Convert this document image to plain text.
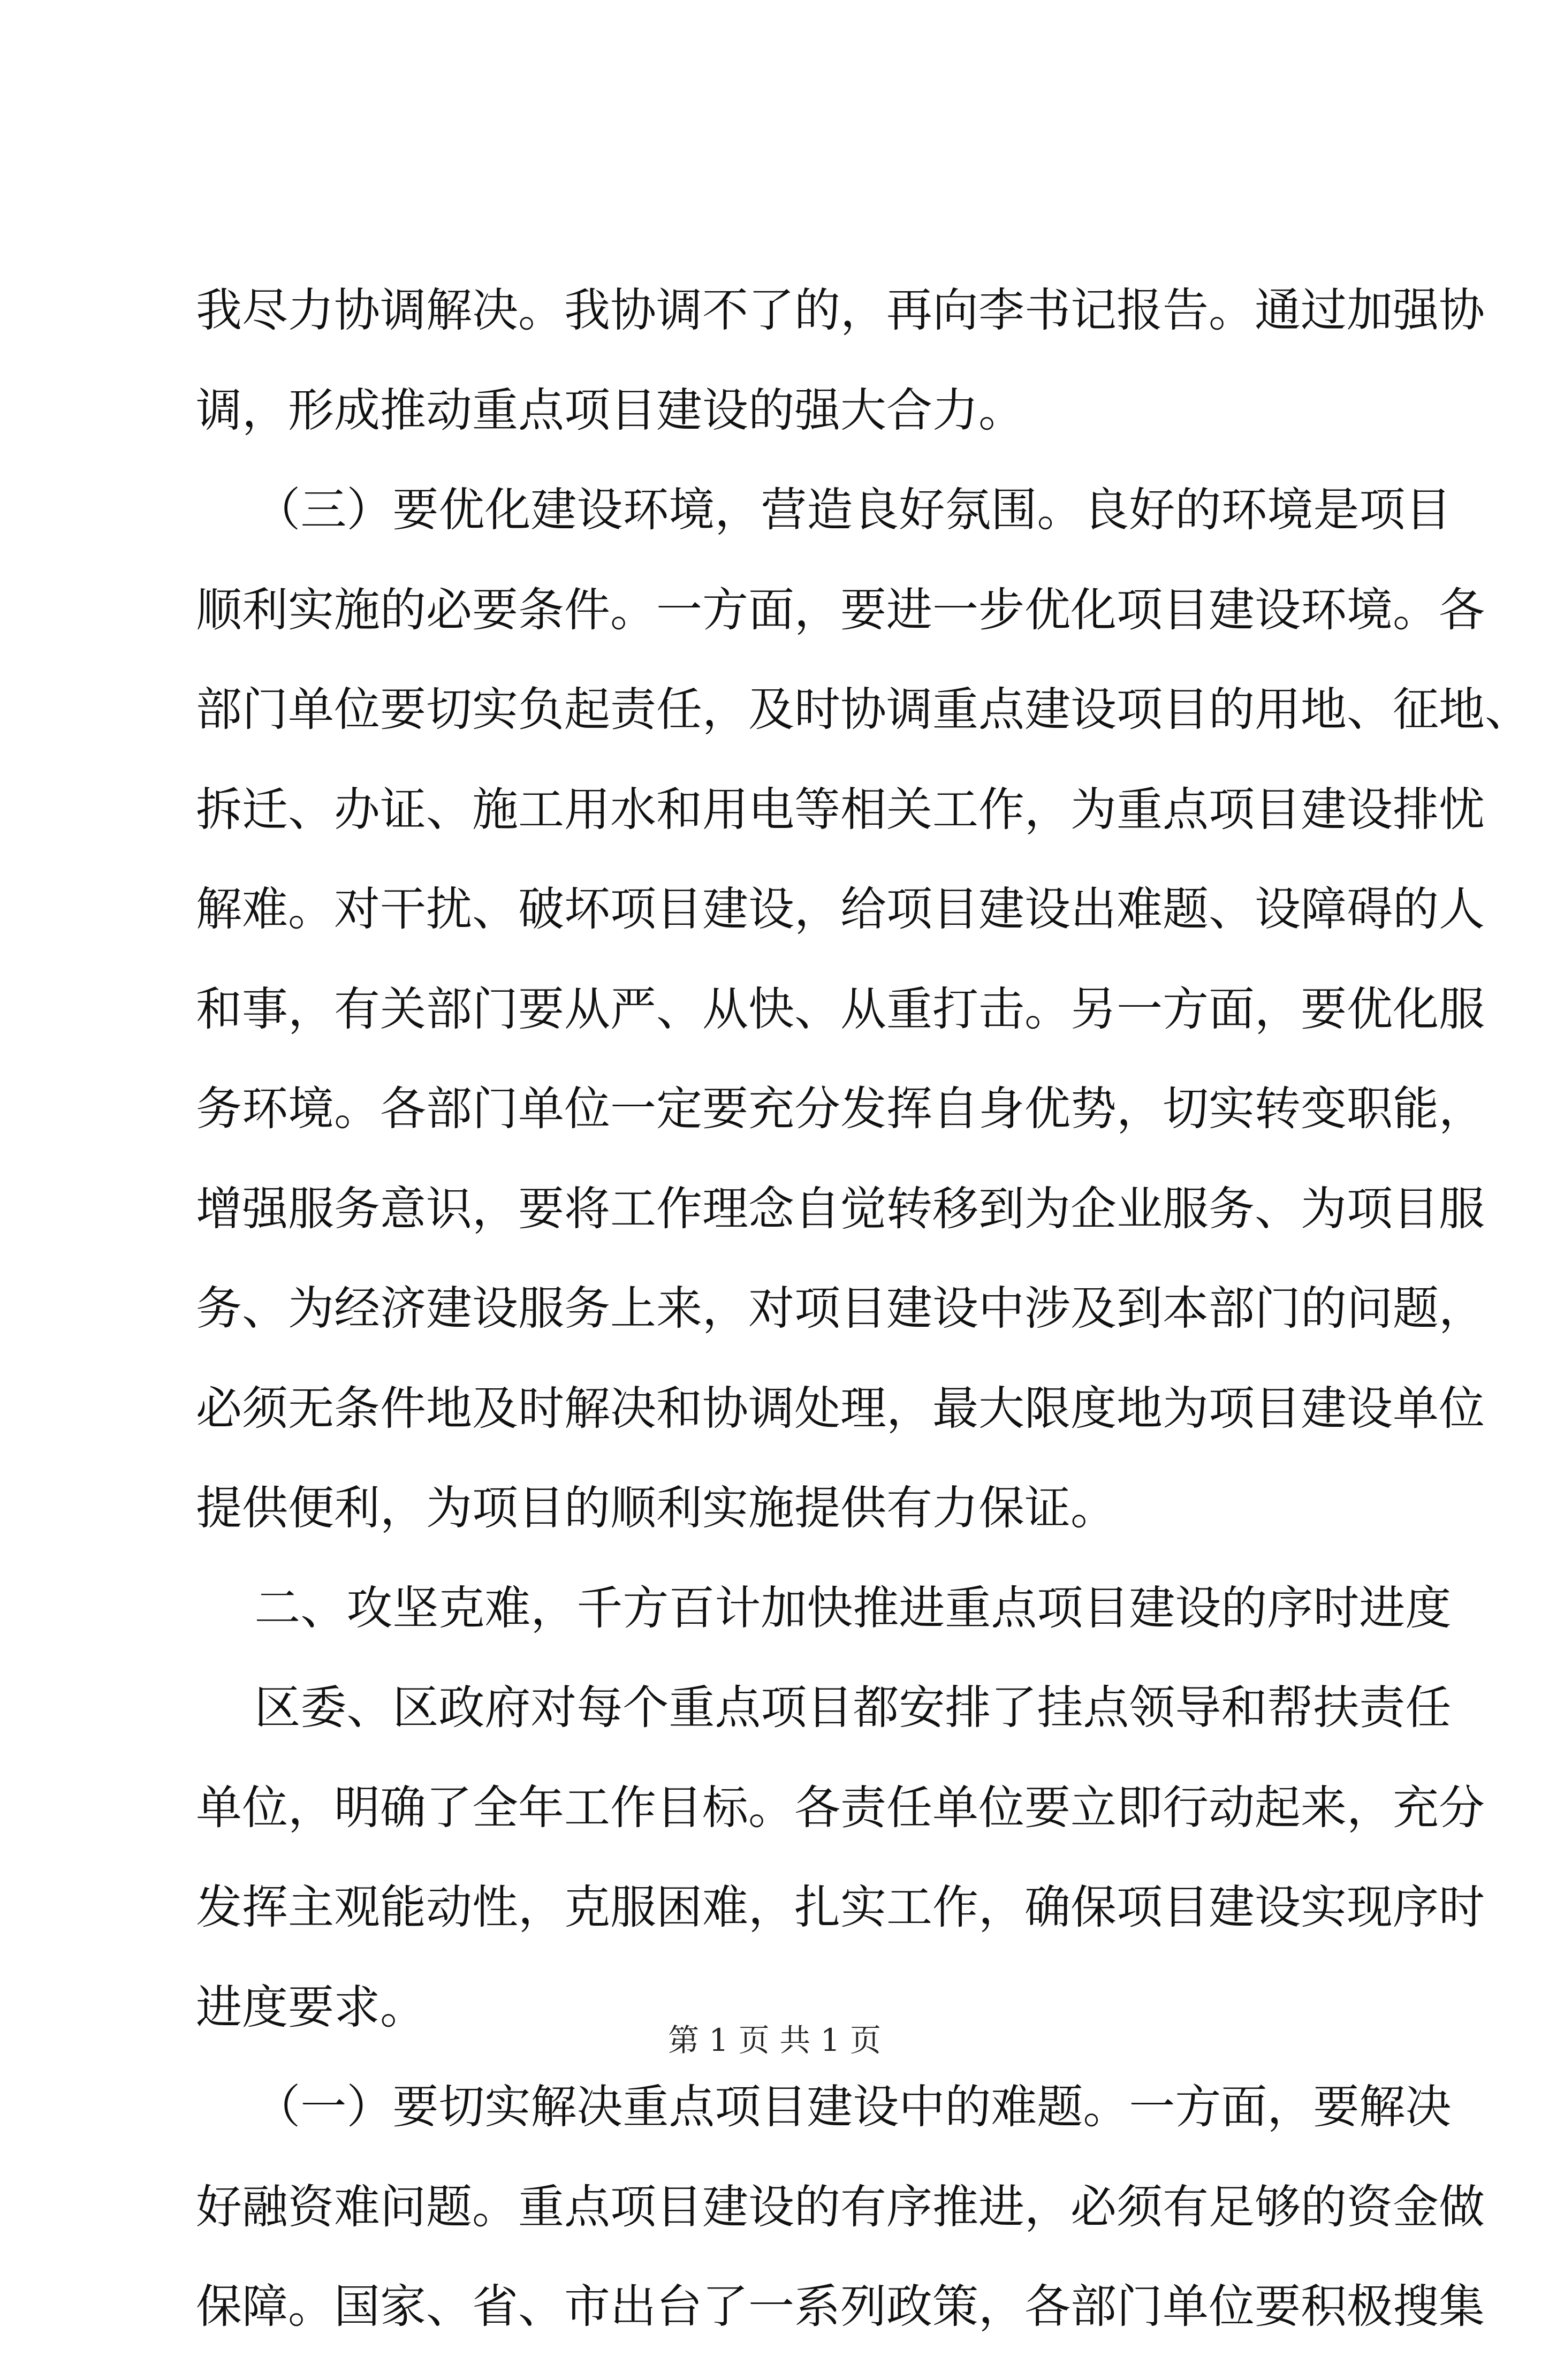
我尽力协调解决。我协调不了的，再向李书记报告。通过加强协
调，形成推动重点项目建设的强大合力。
（三）要优化建设环境，营造良好氛围。良好的环境是项目
顺利实施的必要条件。一方面，要进一步优化项目建设环境。各
部门单位要切实负起责任，及时协调重点建设项目的用地、征地、
拆迁、办证、施工用水和用电等相关工作，为重点项目建设排忧
解难。对干扰、破坏项目建设，给项目建设出难题、设障碍的人
和事，有关部门要从严、从快、从重打击。另一方面，要优化服
务环境。各部门单位一定要充分发挥自身优势，切实转变职能，
增强服务意识，要将工作理念自觉转移到为企业服务、为项目服
务、为经济建设服务上来，对项目建设中涉及到本部门的问题，
必须无条件地及时解决和协调处理，最大限度地为项目建设单位
提供便利，为项目的顺利实施提供有力保证。
二、攻坚克难，千方百计加快推进重点项目建设的序时进度
区委、区政府对每个重点项目都安排了挂点领导和帮扶责任
单位，明确了全年工作目标。各责任单位要立即行动起来，充分
发挥主观能动性，克服困难，扎实工作，确保项目建设实现序时
进度要求。
（一）要切实解决重点项目建设中的难题。一方面，要解决
好融资难问题。重点项目建设的有序推进，必须有足够的资金做
保障。国家、省、市出台了一系列政策，各部门单位要积极搜集
第 1 页 共 1 页
